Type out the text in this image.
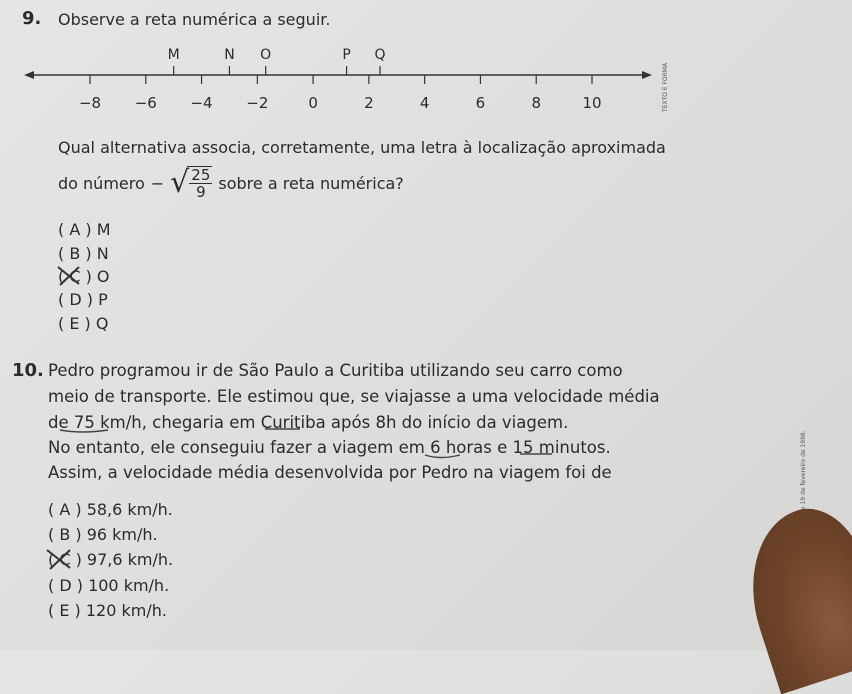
9. Observe a reta numérica a seguir.
−8 −6 −4 −2	0	2	4	6	8	10
M	N O	P Q
TEXTO E FORMA
Qual alternativa associa, corretamente, uma letra à localização aproximada
do número − √ $\frac{25}{9}$ sobre a reta numérica?
( A ) M
( B ) N
( C ) O
( D ) P
( E ) Q
10. Pedro programou ir de São Paulo a Curitiba utilizando seu carro como
meio de transporte. Ele estimou que, se viajasse a uma velocidade média
de 75 km/h, chegaria em Curitiba após 8h do início da viagem.
No entanto, ele conseguiu fazer a viagem em 6 horas e 15 minutos.
Assim, a velocidade média desenvolvida por Pedro na viagem foi de
( A ) 58,6 km/h.
( B ) 96 km/h.
( C ) 97,6 km/h.
( D ) 100 km/h.
( E ) 120 km/h.
